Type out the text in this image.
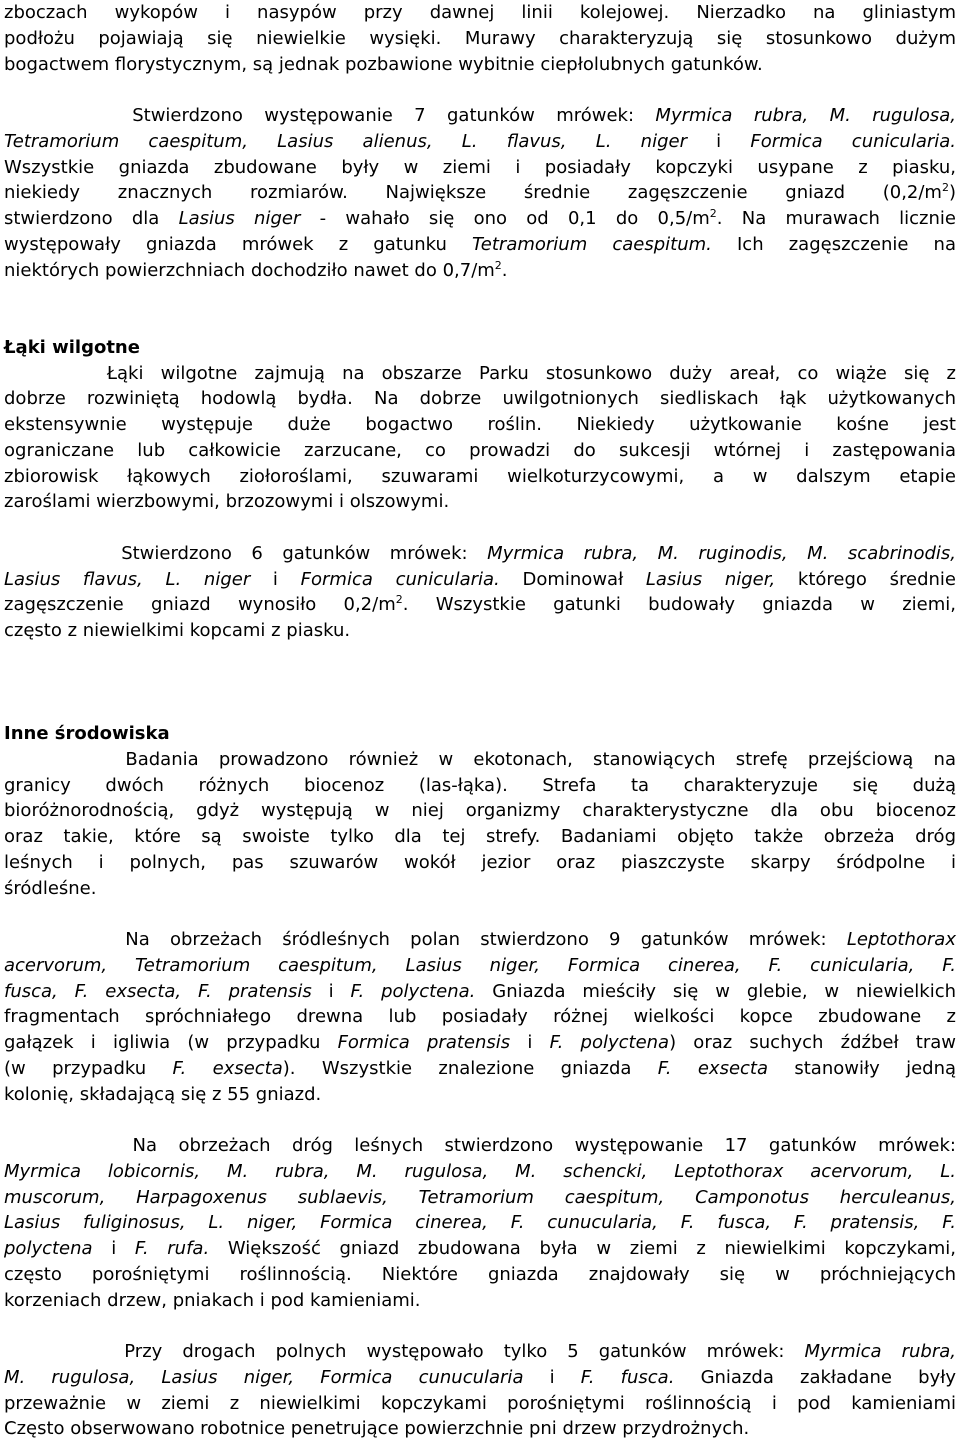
zboczach wykopów i nasypów przy dawnej linii kolejowej. Nierzadko na gliniastym
podłożu pojawiają się niewielkie wysięki. Murawy charakteryzują się stosunkowo dużym
bogactwem florystycznym, są jednak pozbawione wybitnie ciepłolubnych gatunków.
Stwierdzono występowanie 7 gatunków mrówek: Myrmica rubra, M. rugulosa,
Tetramorium caespitum, Lasius alienus, L. flavus, L. niger i Formica cunicularia.
Wszystkie gniazda zbudowane były w ziemi i posiadały kopczyki usypane z piasku,
niekiedy znacznych rozmiarów. Największe średnie zagęszczenie gniazd $(0,2/m^2)$
stwierdzono dla Lasius niger - wahało się ono od 0,1 do $0,5/m^2$. Na murawach licznie
występowały gniazda mrówek z gatunku Tetramorium caespitum. Ich zagęszczenie na
niektórych powierzchniach dochodziło nawet do $0,7/m^2$.
Łąki wilgotne
Łąki wilgotne zajmują na obszarze Parku stosunkowo duży areał, co wiąże się z
dobrze rozwiniętą hodowlą bydła. Na dobrze uwilgotnionych siedliskach łąk użytkowanych
ekstensywnie występuje duże bogactwo roślin. Niekiedy użytkowanie kośne jest
ograniczane lub całkowicie zarzucane, co prowadzi do sukcesji wtórnej i zastępowania
zbiorowisk łąkowych ziołoroślami, szuwarami wielkoturzycowymi, a w dalszym etapie
zaroślami wierzbowymi, brzozowymi i olszowymi.
Stwierdzono 6 gatunków mrówek: Myrmica rubra, M. ruginodis, M. scabrinodis,
Lasius flavus, L. niger i Formica cunicularia. Dominował Lasius niger, którego średnie
zagęszczenie gniazd wynosiło $0,2/m^2$. Wszystkie gatunki budowały gniazda w ziemi,
często z niewielkimi kopcami z piasku.
Inne środowiska
Badania prowadzono również w ekotonach, stanowiących strefę przejściową na
granicy dwóch różnych biocenoz (las-łąka). Strefa ta charakteryzuje się dużą
bioróżnorodnością, gdyż występują w niej organizmy charakterystyczne dla obu biocenoz
oraz takie, które są swoiste tylko dla tej strefy. Badaniami objęto także obrzeża dróg
leśnych i polnych, pas szuwarów wokół jezior oraz piaszczyste skarpy śródpolne i
śródleśne.
Na obrzeżach śródleśnych polan stwierdzono 9 gatunków mrówek: Leptothorax
acervorum, Tetramorium caespitum, Lasius niger, Formica cinerea, F. cunicularia, F.
fusca, F. exsecta, F. pratensis i F. polyctena. Gniazda mieściły się w glebie, w niewielkich
fragmentach spróchniałego drewna lub posiadały różnej wielkości kopce zbudowane z
gałązek i igliwia (w przypadku Formica pratensis i F. polyctena) oraz suchych źdźbeł traw
(w przypadku F. exsecta). Wszystkie znalezione gniazda F. exsecta stanowiły jedną
kolonię, składającą się z 55 gniazd.
Na obrzeżach dróg leśnych stwierdzono występowanie 17 gatunków mrówek:
Myrmica lobicornis, M. rubra, M. rugulosa, M. schencki, Leptothorax acervorum, L.
muscorum, Harpagoxenus sublaevis, Tetramorium caespitum, Camponotus herculeanus,
Lasius fuliginosus, L. niger, Formica cinerea, F. cunucularia, F. fusca, F. pratensis, F.
polyctena i F. rufa. Większość gniazd zbudowana była w ziemi z niewielkimi kopczykami,
często porośniętymi roślinnością. Niektóre gniazda znajdowały się w próchniejących
korzeniach drzew, pniakach i pod kamieniami.
Przy drogach polnych występowało tylko 5 gatunków mrówek: Myrmica rubra,
M. rugulosa, Lasius niger, Formica cunucularia i F. fusca. Gniazda zakładane były
przeważnie w ziemi z niewielkimi kopczykami porośniętymi roślinnością i pod kamieniami
Często obserwowano robotnice penetrujące powierzchnie pni drzew przydrożnych.
